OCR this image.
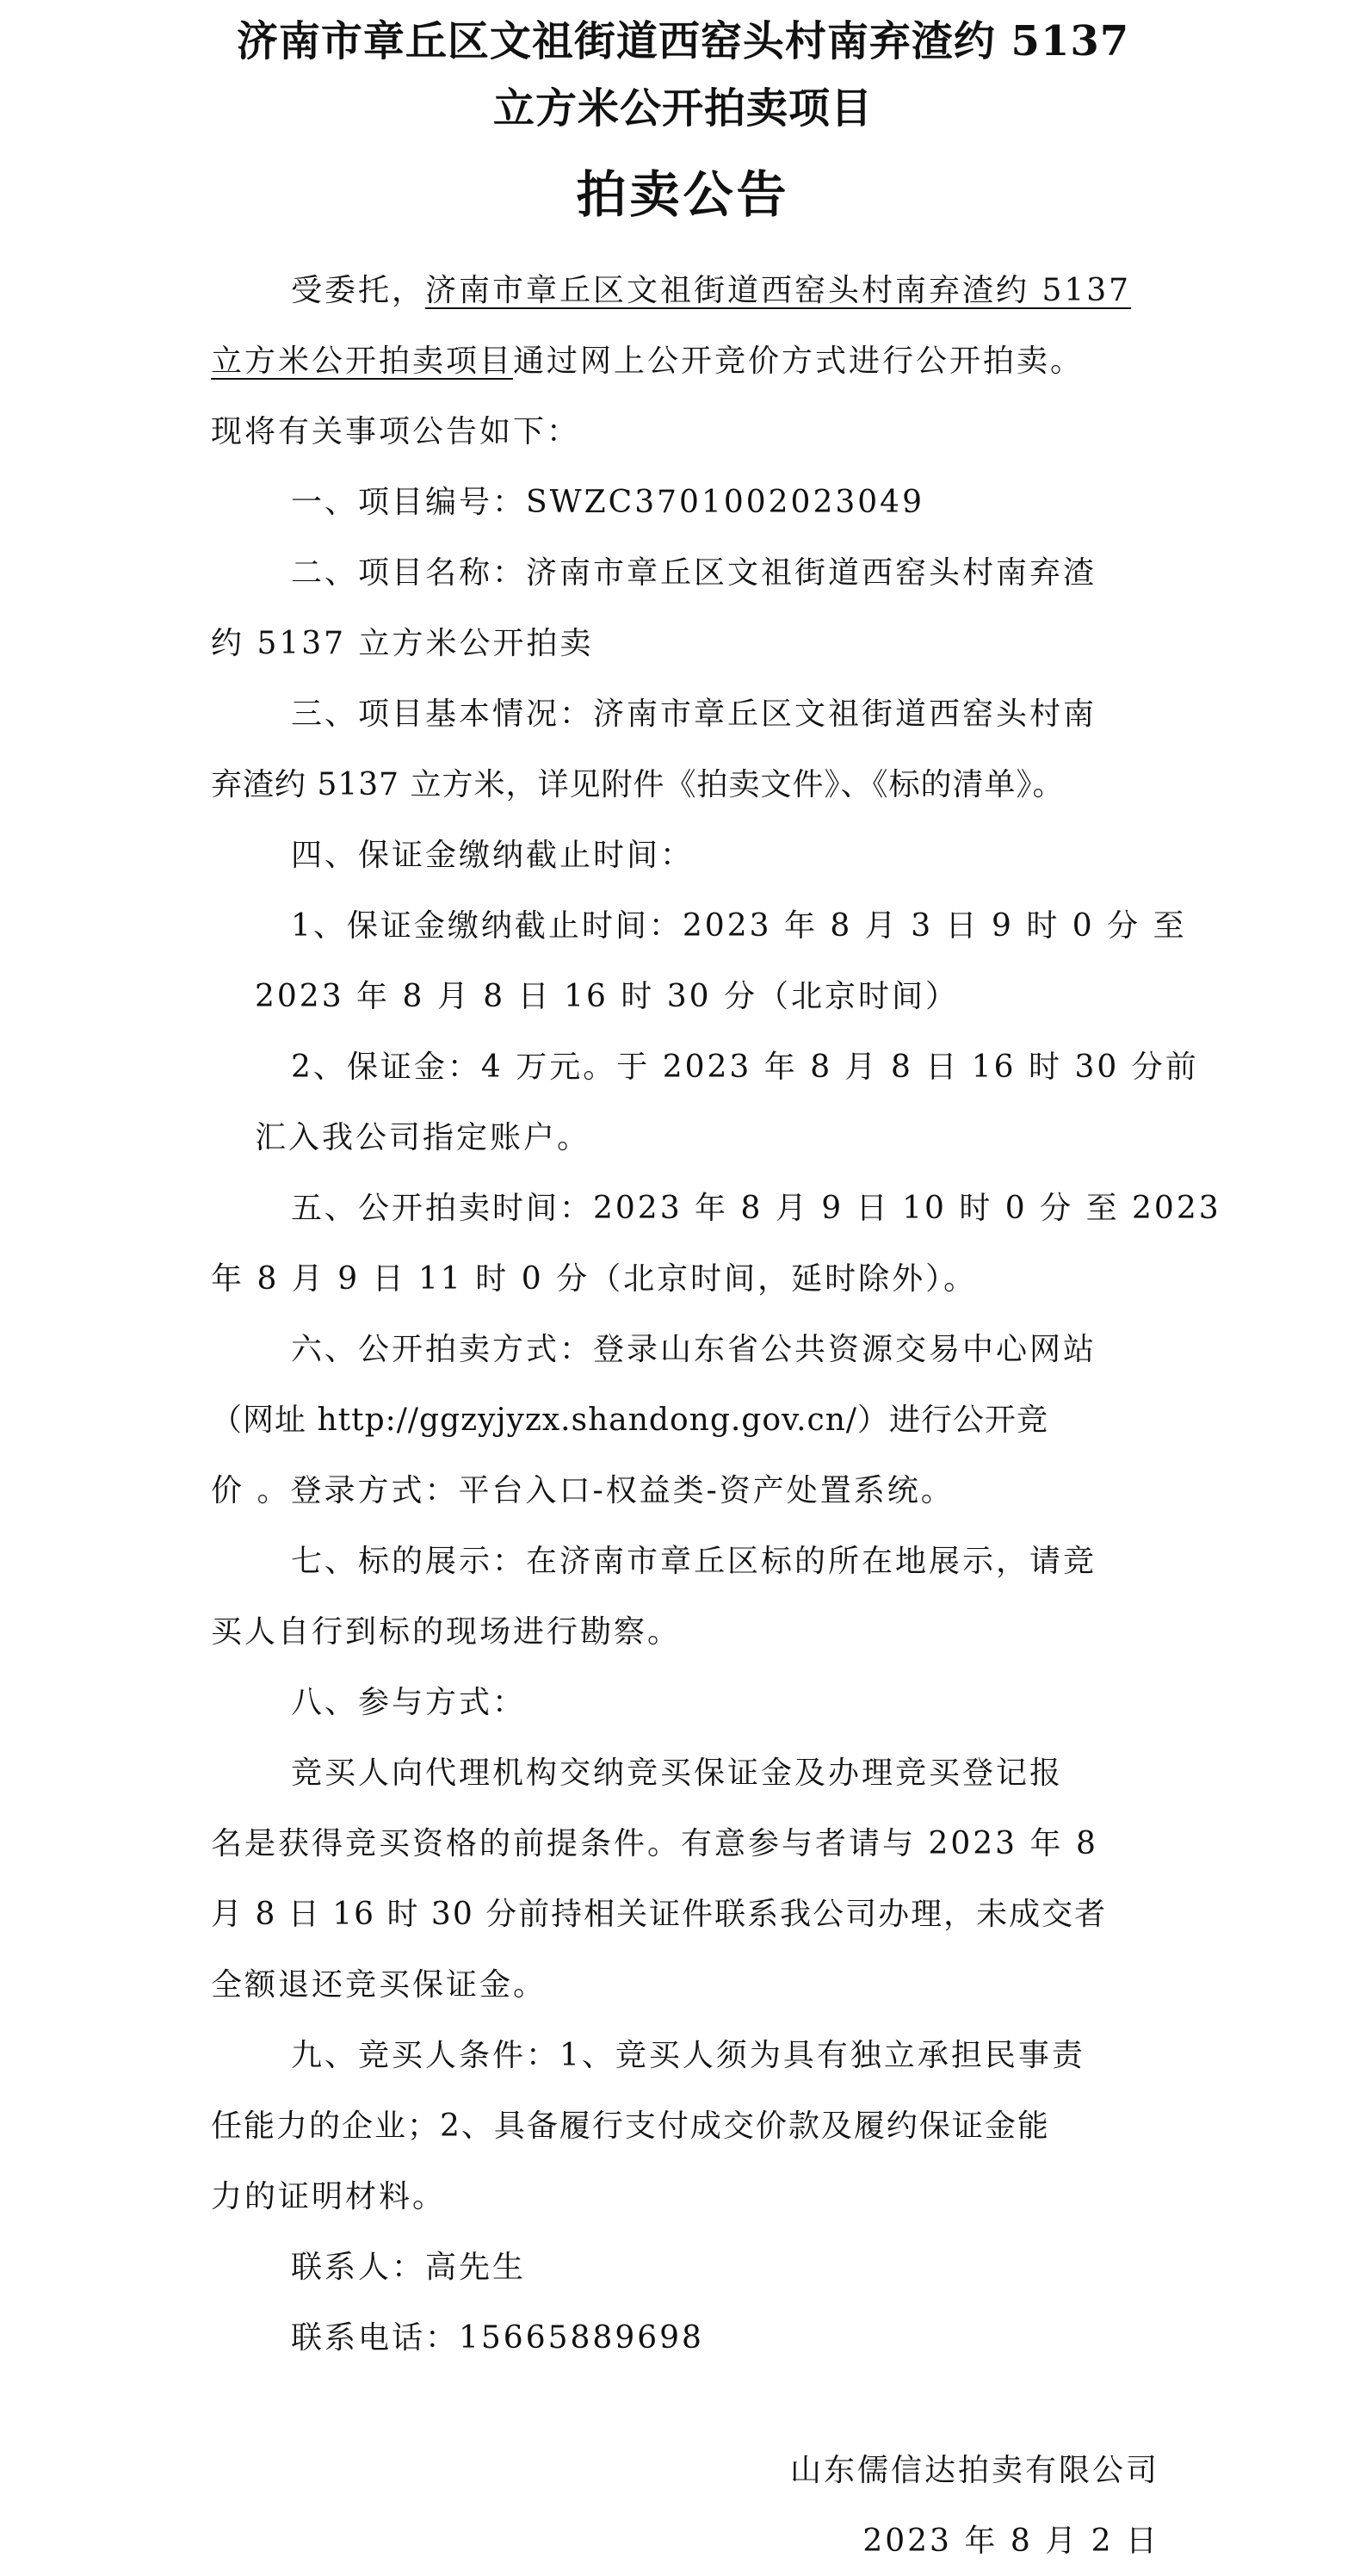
济南市章丘区文祖街道西窑头村南弃渣约 5137
立方米公开拍卖项目
拍卖公告
受委托，济南市章丘区文祖街道西窑头村南弃渣约 5137
立方米公开拍卖项目通过网上公开竞价方式进行公开拍卖。
现将有关事项公告如下：
一、项目编号：SWZC3701002023049
二、项目名称：济南市章丘区文祖街道西窑头村南弃渣
约 5137 立方米公开拍卖
三、项目基本情况：济南市章丘区文祖街道西窑头村南
弃渣约 5137 立方米，详见附件《拍卖文件》、《标的清单》。
四、保证金缴纳截止时间：
1、保证金缴纳截止时间：2023 年 8 月 3 日 9 时 0 分 至
2023 年 8 月 8 日 16 时 30 分（北京时间）
2、保证金：4 万元。于 2023 年 8 月 8 日 16 时 30 分前
汇入我公司指定账户。
五、公开拍卖时间：2023 年 8 月 9 日 10 时 0 分 至 2023
年 8 月 9 日 11 时 0 分（北京时间，延时除外）。
六、公开拍卖方式：登录山东省公共资源交易中心网站
（网址 http://ggzyjyzx.shandong.gov.cn/）进行公开竞
价 。登录方式：平台入口-权益类-资产处置系统。
七、标的展示：在济南市章丘区标的所在地展示，请竞
买人自行到标的现场进行勘察。
八、参与方式：
竞买人向代理机构交纳竞买保证金及办理竞买登记报
名是获得竞买资格的前提条件。有意参与者请与 2023 年 8
月 8 日 16 时 30 分前持相关证件联系我公司办理，未成交者
全额退还竞买保证金。
九、竞买人条件：1、竞买人须为具有独立承担民事责
任能力的企业；2、具备履行支付成交价款及履约保证金能
力的证明材料。
联系人：高先生
联系电话：15665889698
山东儒信达拍卖有限公司
2023 年 8 月 2 日
